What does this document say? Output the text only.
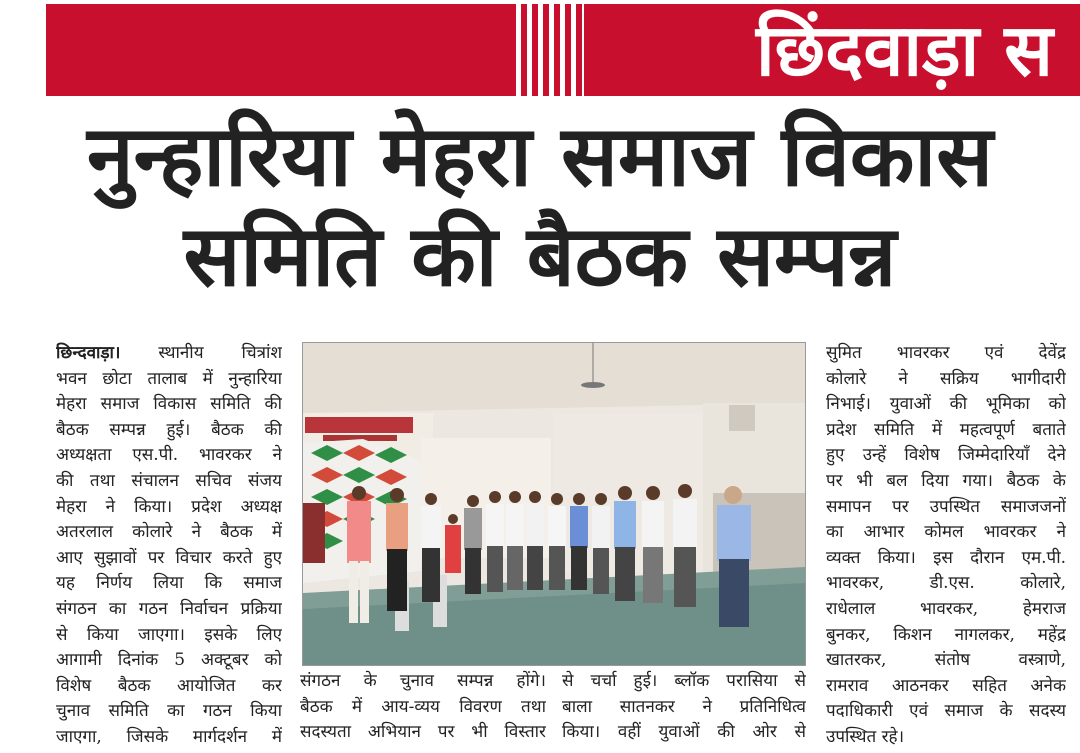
छिंदवाड़ा स
नुन्हारिया मेहरा समाज विकास
समिति की बैठक सम्पन्न
छिन्दवाड़ा। स्थानीय चित्रांश
भवन छोटा तालाब में नुन्हारिया
मेहरा समाज विकास समिति की
बैठक सम्पन्न हुई। बैठक की
अध्यक्षता एस.पी. भावरकर ने
की तथा संचालन सचिव संजय
मेहरा ने किया। प्रदेश अध्यक्ष
अतरलाल कोलारे ने बैठक में
आए सुझावों पर विचार करते हुए
यह निर्णय लिया कि समाज
संगठन का गठन निर्वाचन प्रक्रिया
से किया जाएगा। इसके लिए
आगामी दिनांक 5 अक्टूबर को
विशेष बैठक आयोजित कर
चुनाव समिति का गठन किया
जाएगा, जिसके मार्गदर्शन में
संगठन के चुनाव सम्पन्न होंगे।
बैठक में आय-व्यय विवरण तथा
सदस्यता अभियान पर भी विस्तार
से चर्चा हुई। ब्लॉक परासिया से
बाला सातनकर ने प्रतिनिधित्व
किया। वहीं युवाओं की ओर से
सुमित भावरकर एवं देवेंद्र
कोलारे ने सक्रिय भागीदारी
निभाई। युवाओं की भूमिका को
प्रदेश समिति में महत्वपूर्ण बताते
हुए उन्हें विशेष जिम्मेदारियाँ देने
पर भी बल दिया गया। बैठक के
समापन पर उपस्थित समाजजनों
का आभार कोमल भावरकर ने
व्यक्त किया। इस दौरान एम.पी.
भावरकर, डी.एस. कोलारे,
राधेलाल भावरकर, हेमराज
बुनकर, किशन नागलकर, महेंद्र
खातरकर, संतोष वस्त्राणे,
रामराव आठनकर सहित अनेक
पदाधिकारी एवं समाज के सदस्य
उपस्थित रहे।
